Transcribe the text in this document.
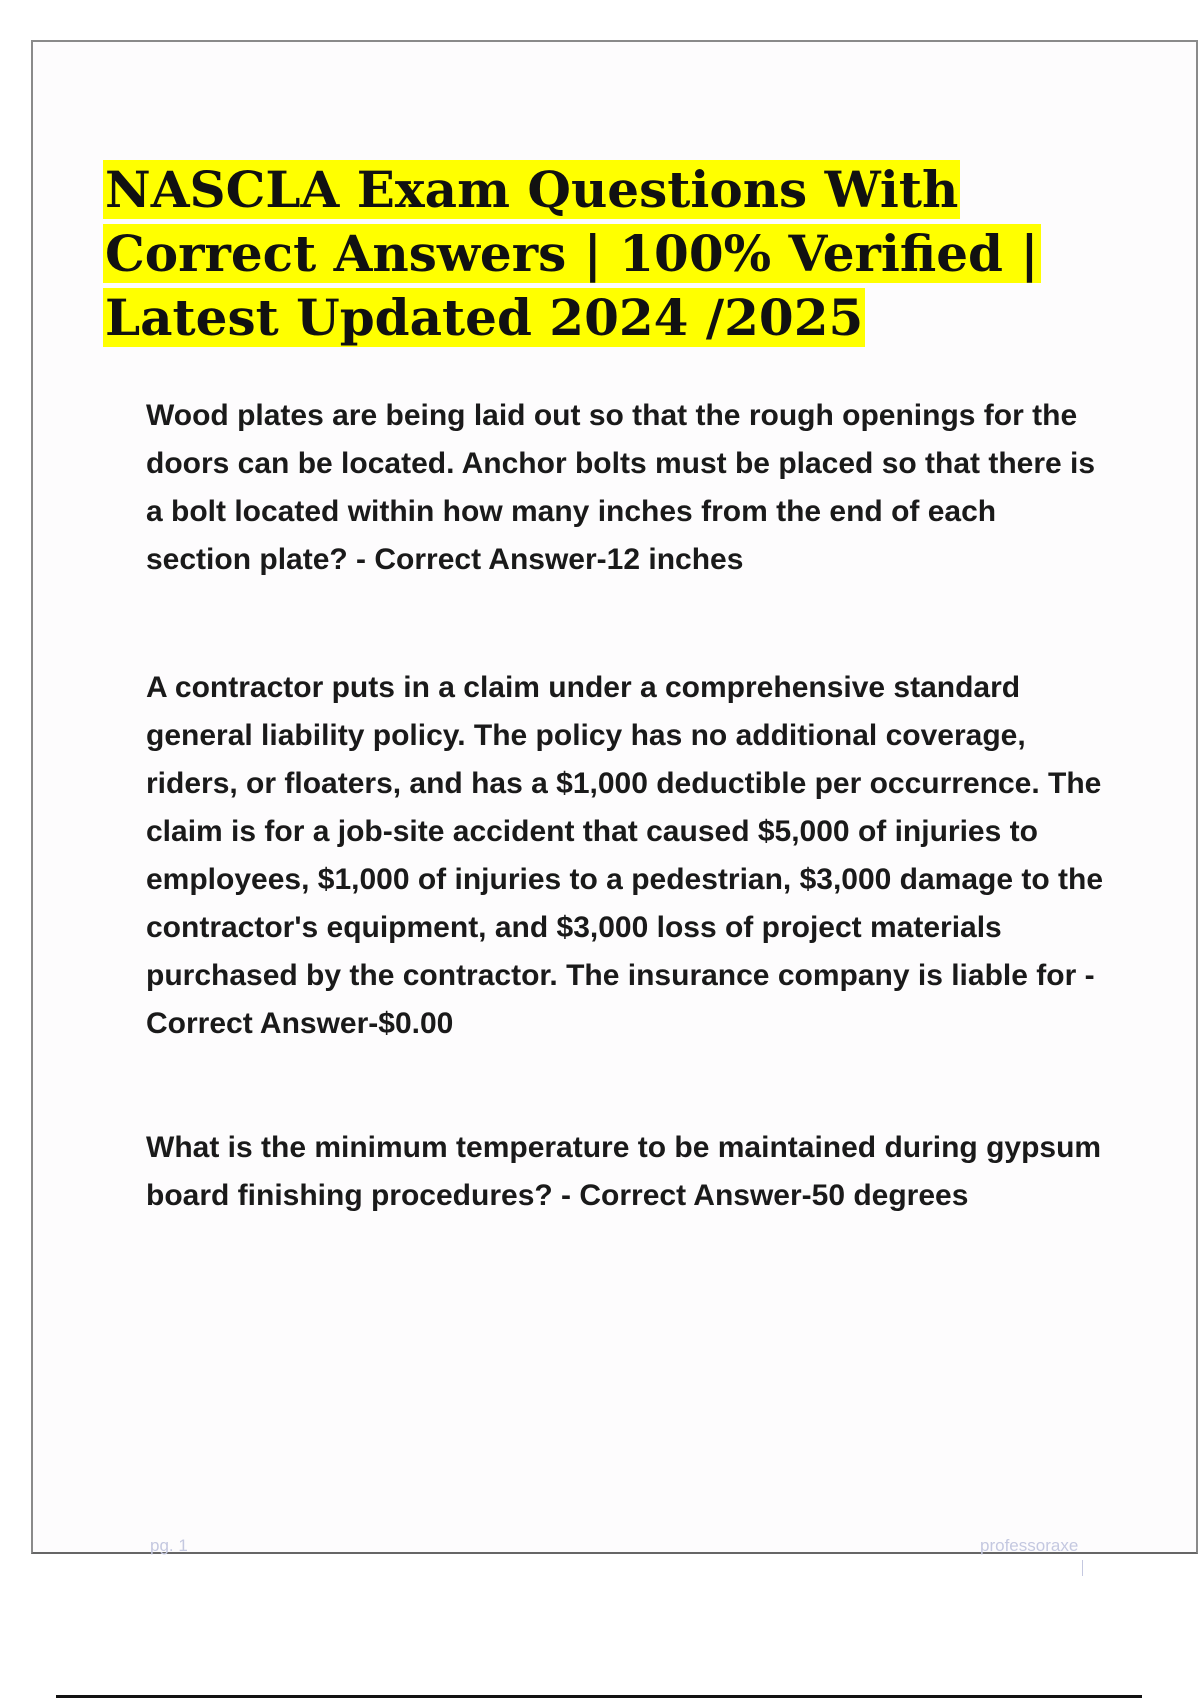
NASCLA Exam Questions With Correct Answers | 100% Verified | Latest Updated 2024 /2025

Wood plates are being laid out so that the rough openings for the doors can be located. Anchor bolts must be placed so that there is a bolt located within how many inches from the end of each section plate? - Correct Answer-12 inches

A contractor puts in a claim under a comprehensive standard general liability policy. The policy has no additional coverage, riders, or floaters, and has a $1,000 deductible per occurrence. The claim is for a job-site accident that caused $5,000 of injuries to employees, $1,000 of injuries to a pedestrian, $3,000 damage to the contractor's equipment, and $3,000 loss of project materials purchased by the contractor. The insurance company is liable for - Correct Answer-$0.00

What is the minimum temperature to be maintained during gypsum board finishing procedures? - Correct Answer-50 degrees

pg. 1	professoraxe
